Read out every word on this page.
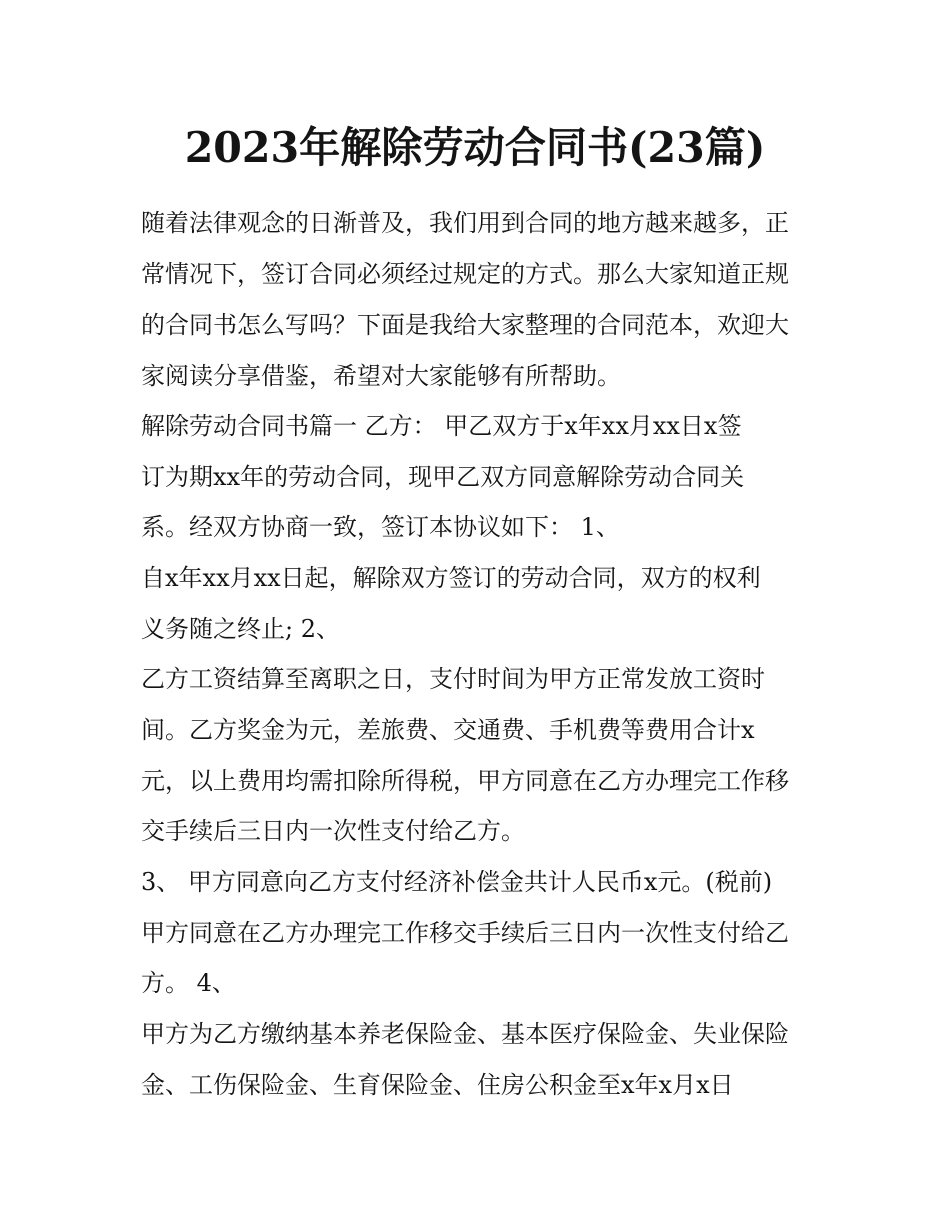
2023年解除劳动合同书(23篇)
随着法律观念的日渐普及，我们用到合同的地方越来越多，正
常情况下，签订合同必须经过规定的方式。那么大家知道正规
的合同书怎么写吗？下面是我给大家整理的合同范本，欢迎大
家阅读分享借鉴，希望对大家能够有所帮助。
解除劳动合同书篇一 乙方： 甲乙双方于x年xx月xx日x签
订为期xx年的劳动合同，现甲乙双方同意解除劳动合同关
系。经双方协商一致，签订本协议如下： 1、
自x年xx月xx日起，解除双方签订的劳动合同，双方的权利
义务随之终止; 2、
乙方工资结算至离职之日，支付时间为甲方正常发放工资时
间。乙方奖金为元，差旅费、交通费、手机费等费用合计x
元，以上费用均需扣除所得税，甲方同意在乙方办理完工作移
交手续后三日内一次性支付给乙方。
3、 甲方同意向乙方支付经济补偿金共计人民币x元。(税前)
甲方同意在乙方办理完工作移交手续后三日内一次性支付给乙
方。 4、
甲方为乙方缴纳基本养老保险金、基本医疗保险金、失业保险
金、工伤保险金、生育保险金、住房公积金至x年x月x日
